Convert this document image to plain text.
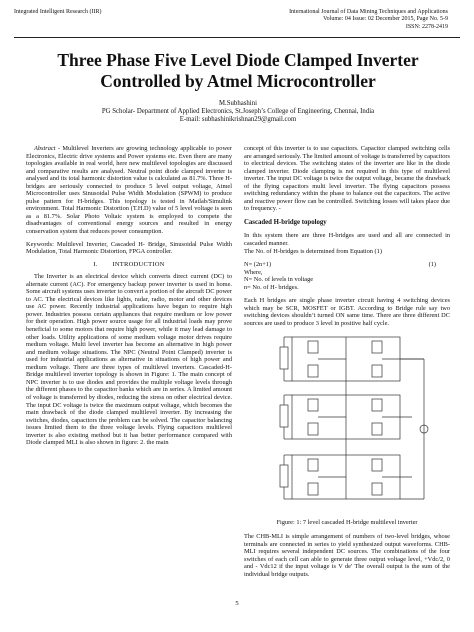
Integrated Intelligent Research (IIR)	International Journal of Data Mining Techniques and Applications
Volume: 04 Issue: 02 December 2015, Page No. 5-9
ISSN: 2278-2419
Three Phase Five Level Diode Clamped Inverter
Controlled by Atmel Microcontroller
M.Subhashini
PG Scholar- Department of Applied Electronics, St.Joseph’s College of Engineering, Chennai, India
E-mail: subhashinikrishnan29@gmail.com

Abstract - Multilevel Inverters are growing technology applicable to power Electronics, Electric drive systems and Power systems etc. Even there are many topologies available in real world, here new multilevel topologies are discussed and comparative results are analysed. Neutral point diode clamped inverter is analysed and its total harmonic distortion value is calculated as 81.7%. Three H-bridges are seriously connected to produce 5 level output voltage, Atmel Microcontroller uses Sinusoidal Pulse Width Modulation (SPWM) to produce pulse pattern for H-bridges. This topology is tested in Matlab/Simulink environment. Total Harmonic Distortion (T.H.D) value of 5 level voltage is seen as a 81.7%. Solar Photo Voltaic system is employed to compete the disadvantages of conventional energy sources and resulted in energy conservation system that reduces power consumption.

Keywords: Multilevel Inverter, Cascaded H- Bridge, Sinusoidal Pulse Width Modulation, Total Harmonic Distortion, FPGA controller.

I.        INTRODUCTION

The Inverter is an electrical device which converts direct current (DC) to alternate current (AC). For emergency backup power inverter is used in home. Some aircraft systems uses inverter to convert a portion of the aircraft DC power to AC. The electrical devices like lights, radar, radio, motor and other devices use AC power. Recently industrial applications have begun to require high power. Industries possess certain appliances that require medium or low power for their operation. High power source usage for all industrial loads may prove beneficial to some motors that require high power, while it may lead damage to other loads. Utility applications of some medium voltage motor drives require medium voltage. Multi level inverter has become an alternative in high power and medium voltage situations. The NPC (Neutral Point Clamped) inverter is used for industrial applications as alternative in situations of high power and medium voltage. There are three types of multilevel inverters. Cascaded-H-Bridge multilevel inverter topology is shown in Figure: 1. The main concept of NPC inverter is to use diodes and provides the multiple voltage levels through the different phases to the capacitor banks which are in series. A limited amount of voltage is transferred by diodes, reducing the stress on other electrical device. The input DC voltage is twice the maximum output voltage, which becomes the main drawback of the diode clamped multilevel inverter. By increasing the switches, diodes, capacitors the problem can be solved. The capacitor balancing issues limited them to the three voltage levels. Flying capacitors multilevel inverter is also existing method but it has better performance compared with Diode clamped MLI is also shown in figure: 2. the main

concept of this inverter is to use capacitors. Capacitor clamped switching cells are arranged seriously. The limited amount of voltage is transferred by capacitors to electrical devices. The switching states of the inverter are like in the diode clamped inverter. Diode clamping is not required in this type of multilevel inverter. The input DC voltage is twice the output voltage, became the drawback of the flying capacitors multi level inverter. The flying capacitors possess switching redundancy within the phase to balance out the capacitors. The active and reactive power flow can be controlled. Switching losses will takes place due to frequency. -

Cascaded H-bridge topology

In this system there are three H-bridges are used and all are connected in cascaded manner.

The No. of H-bridges is determined from Equation (1)

N= (2n+1)	(1)

Where,
N= No. of levels in voltage
n= No. of H- bridges.

Each H bridges are single phase inverter circuit having 4 switching devices which may be SCR, MOSFET or IGBT. According to Bridge rule say two switching devices shouldn’t turned ON same time. There are three different DC sources are used to produce 3 level in positive half cycle.

Figure: 1: 7 level cascaded H-bridge multilevel inverter

The CHB-MLI is simple arrangement of numbers of two-level bridges, whose terminals are connected in series to yield synthesized output waveforms. CHB-MLI requires several independent DC sources. The combinations of the four switches of each cell can able to generate three output voltage level, +Vdc/2, 0 and - Vdc12 if the input voltage is V de' The overall output is the sum of the individual bridge outputs.

5
